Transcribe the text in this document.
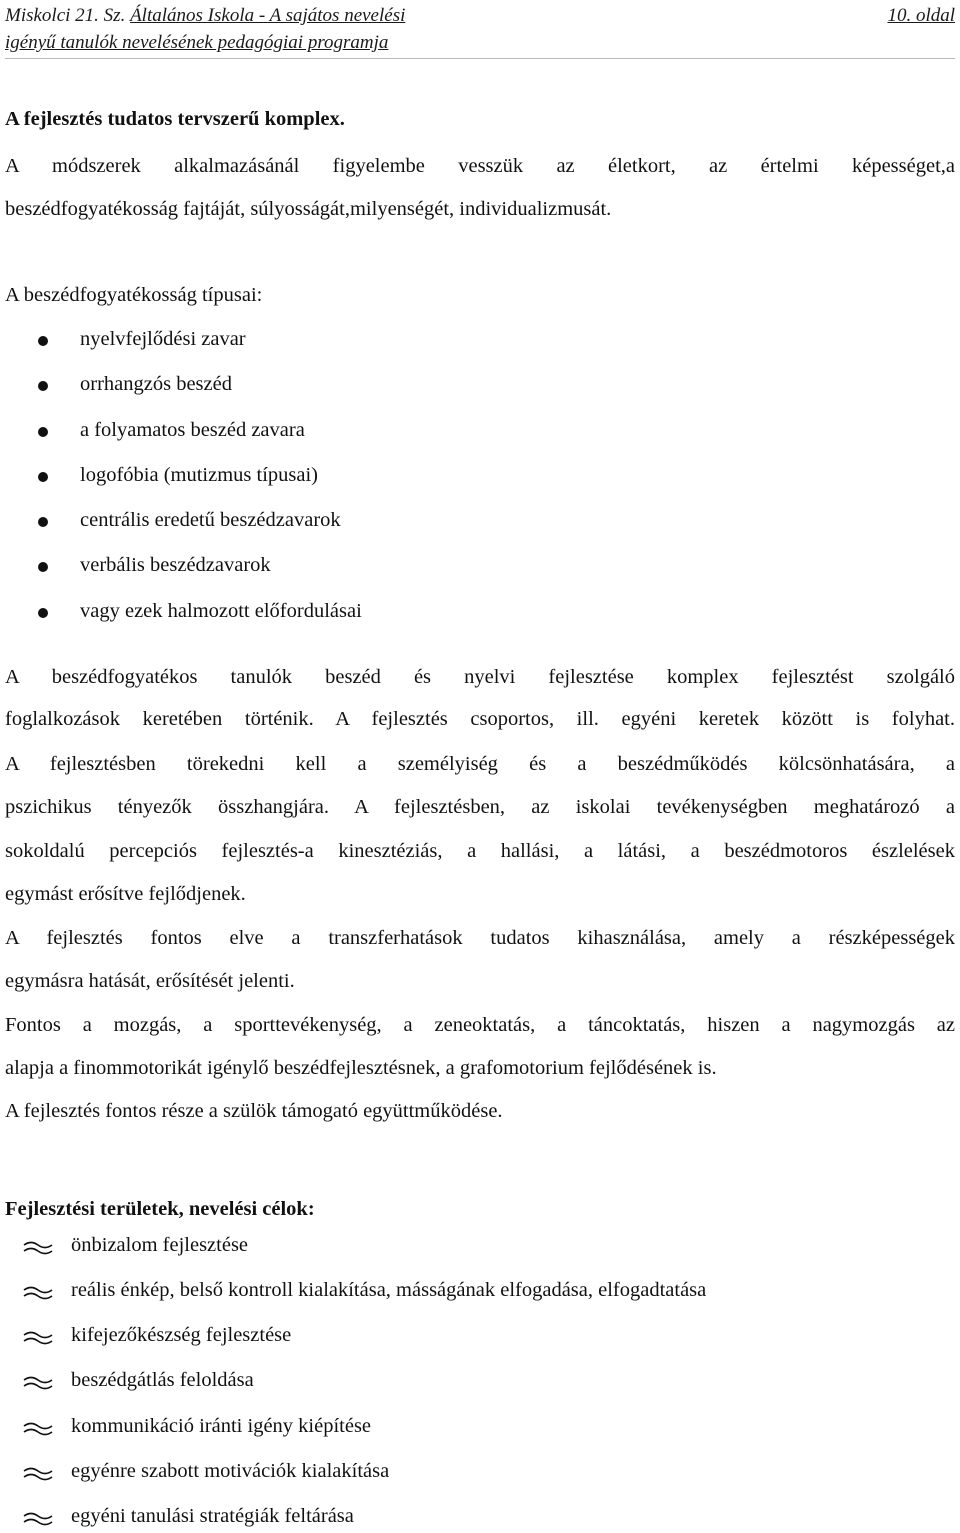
Miskolci 21. Sz. Általános Iskola - A sajátos nevelési	10. oldal
igényű tanulók nevelésének pedagógiai programja
A fejlesztés tudatos tervszerű komplex.
A módszerek alkalmazásánál figyelembe vesszük az életkort, az értelmi képességet,a
beszédfogyatékosság fajtáját, súlyosságát,milyenségét, individualizmusát.
A beszédfogyatékosság típusai:
nyelvfejlődési zavar
orrhangzós beszéd
a folyamatos beszéd zavara
logofóbia (mutizmus típusai)
centrális eredetű beszédzavarok
verbális beszédzavarok
vagy ezek halmozott előfordulásai
A beszédfogyatékos tanulók beszéd és nyelvi fejlesztése komplex fejlesztést szolgáló
foglalkozások keretében történik. A fejlesztés csoportos, ill. egyéni keretek között is folyhat.
A fejlesztésben törekedni kell a személyiség és a beszédműködés kölcsönhatására, a
pszichikus tényezők összhangjára. A fejlesztésben, az iskolai tevékenységben meghatározó a
sokoldalú percepciós fejlesztés-a kinesztéziás, a hallási, a látási, a beszédmotoros észlelések
egymást erősítve fejlődjenek.
A fejlesztés fontos elve a transzferhatások tudatos kihasználása, amely a részképességek
egymásra hatását, erősítését jelenti.
Fontos a mozgás, a sporttevékenység, a zeneoktatás, a táncoktatás, hiszen a nagymozgás az
alapja a finommotorikát igénylő beszédfejlesztésnek, a grafomotorium fejlődésének is.
A fejlesztés fontos része a szülök támogató együttműködése.
Fejlesztési területek, nevelési célok:
önbizalom fejlesztése
reális énkép, belső kontroll kialakítása, másságának elfogadása, elfogadtatása
kifejezőkészség fejlesztése
beszédgátlás feloldása
kommunikáció iránti igény kiépítése
egyénre szabott motivációk kialakítása
egyéni tanulási stratégiák feltárása
